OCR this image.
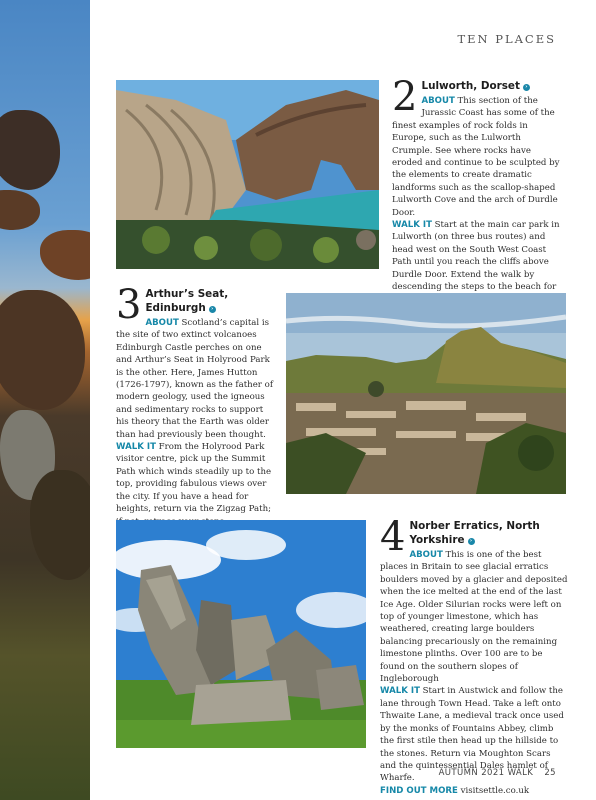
TEN PLACES
2 Lulworth, Dorset ›
ABOUT This section of the Jurassic Coast has some of the finest examples of rock folds in Europe, such as the Lulworth Crumple. See where rocks have eroded and continue to be sculpted by the elements to create dramatic landforms such as the scallop-shaped Lulworth Cove and the arch of Durdle Door.
WALK IT Start at the main car park in Lulworth (on three bus routes) and head west on the South West Coast Path until you reach the cliffs above Durdle Door. Extend the walk by descending the steps to the beach for

3 Arthur’s Seat, Edinburgh ›
ABOUT Scotland’s capital is the site of two extinct volcanoes Edinburgh Castle perches on one and Arthur’s Seat in Holyrood Park is the other. Here, James Hutton (1726-1797), known as the father of modern geology, used the igneous and sedimentary rocks to support his theory that the Earth was older than had previously been thought.
WALK IT From the Holyrood Park visitor centre, pick up the Summit Path which winds steadily up to the top, providing fabulous views over the city. If you have a head for heights, return via the Zigzag Path;

4 Norber Erratics, North Yorkshire ›
ABOUT This is one of the best places in Britain to see glacial erratics boulders moved by a glacier and deposited when the ice melted at the end of the last Ice Age. Older Silurian rocks were left on top of younger limestone, which has weathered, creating large boulders balancing precariously on the remaining limestone plinths. Over 100 are to be found on the southern slopes of Ingleborough
WALK IT Start in Austwick and follow the lane through Town Head. Take a left onto Thwaite Lane, a medieval track once used by the monks of Fountains Abbey, climb the first stile then head up the hillside to the stones. Return via Moughton Scars and the quintessential Dales hamlet of Wharfe.
FIND OUT MORE visitsettle.co.uk
AUTUMN 2021 WALK 25
